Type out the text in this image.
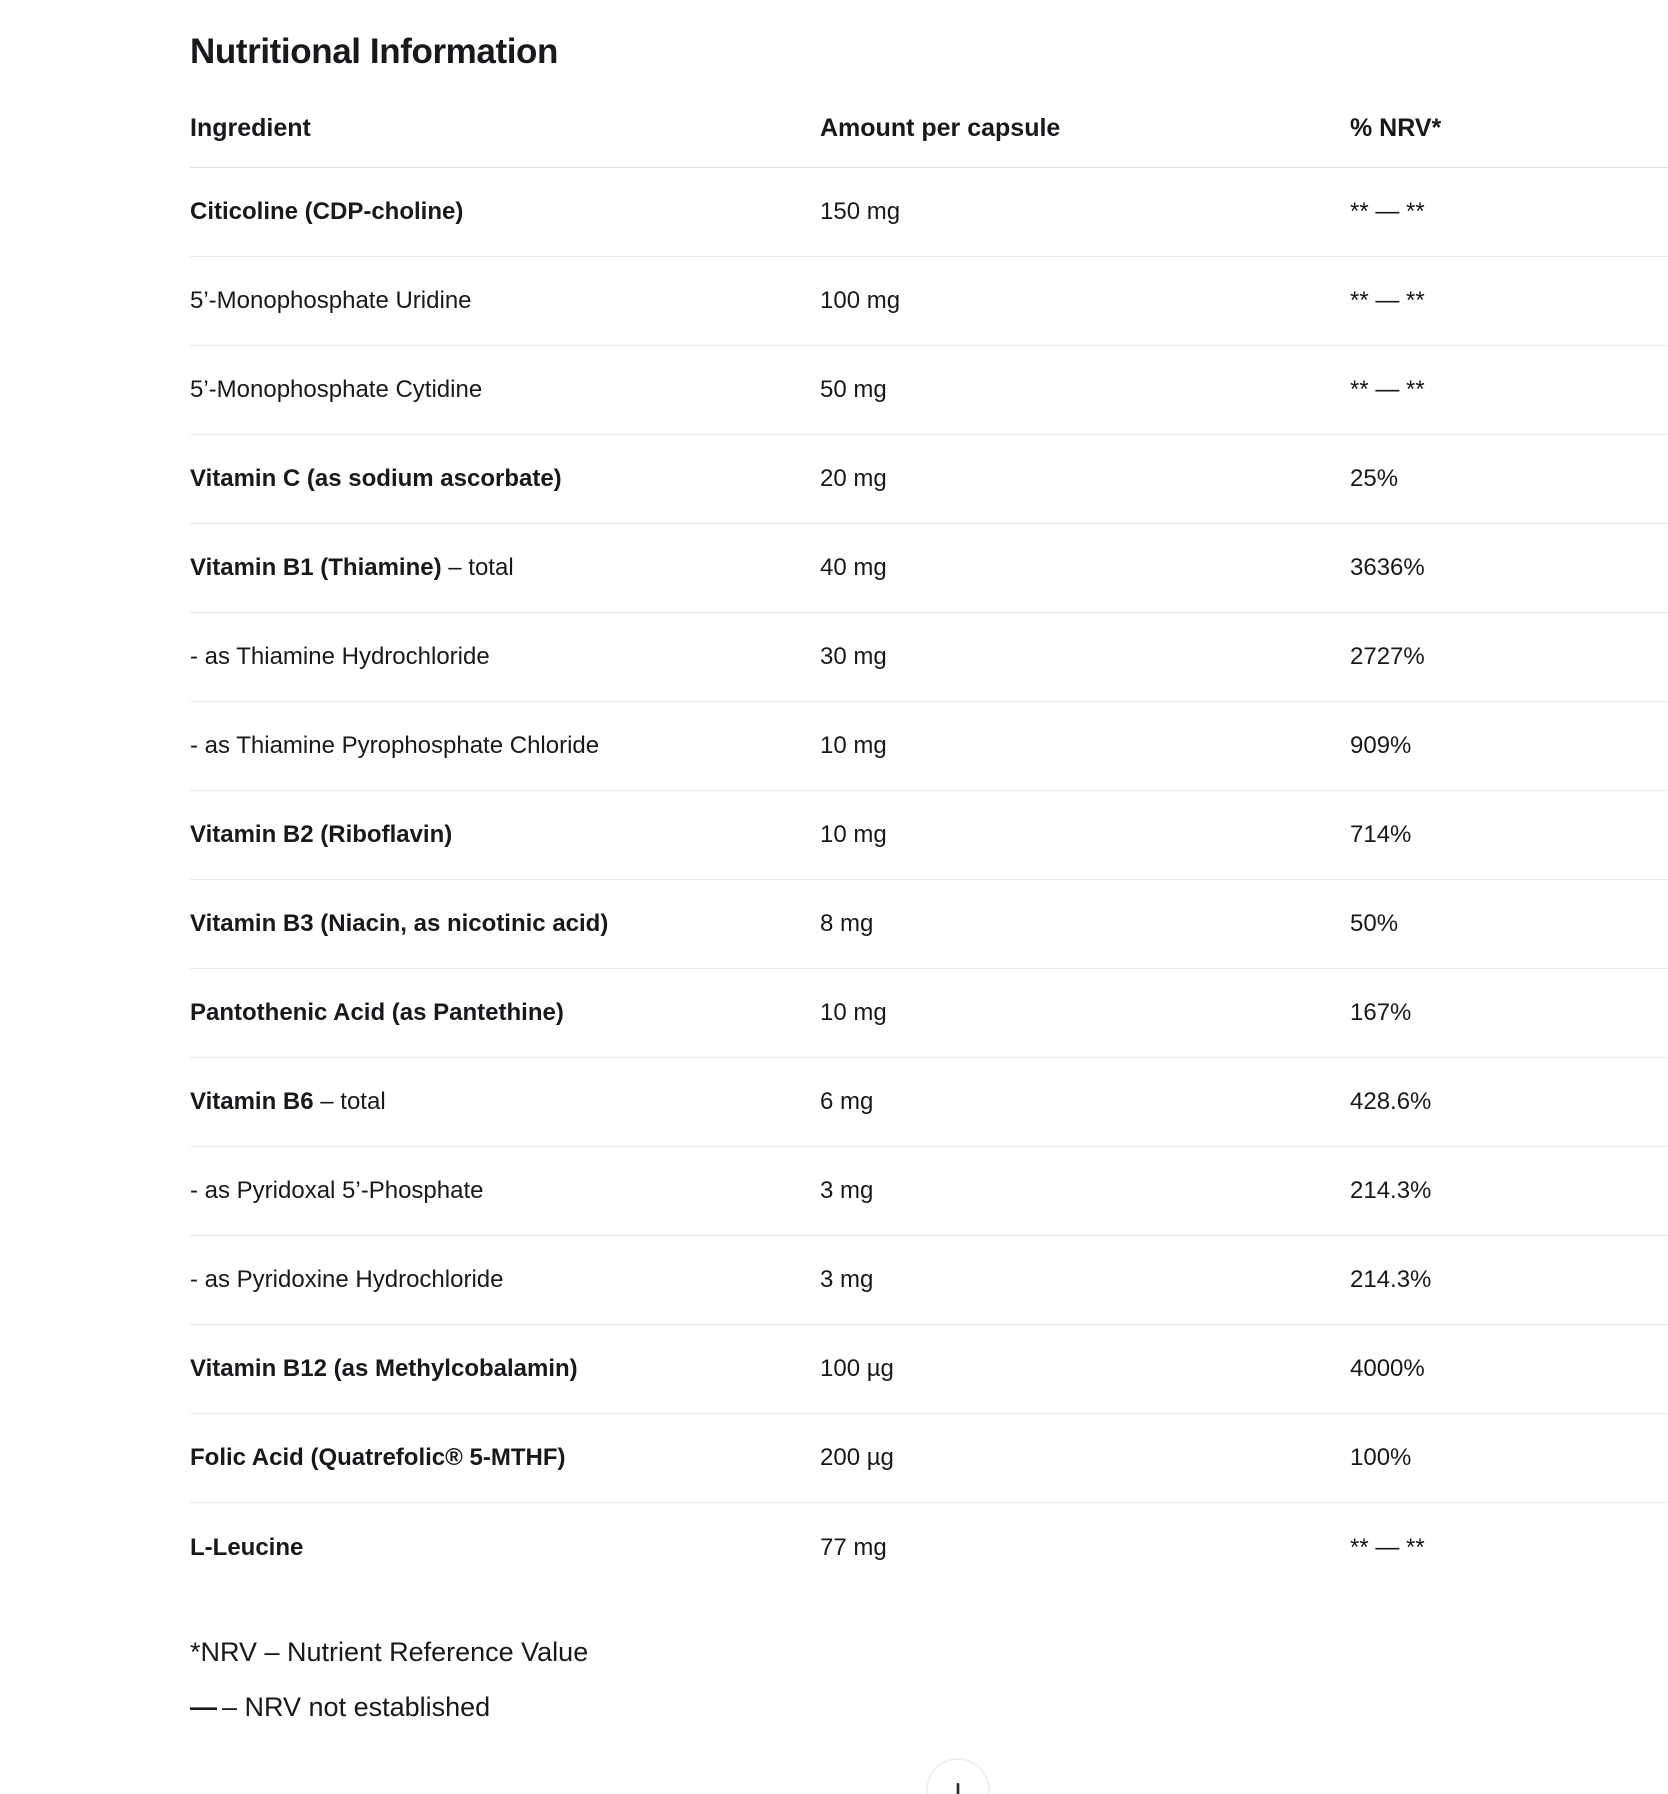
Nutritional Information
Ingredient	Amount per capsule	% NRV*
Citicoline (CDP-choline)	150 mg	** — **
5’-Monophosphate Uridine	100 mg	** — **
5’-Monophosphate Cytidine	50 mg	** — **
Vitamin C (as sodium ascorbate)	20 mg	25%
Vitamin B1 (Thiamine) – total	40 mg	3636%
- as Thiamine Hydrochloride	30 mg	2727%
- as Thiamine Pyrophosphate Chloride	10 mg	909%
Vitamin B2 (Riboflavin)	10 mg	714%
Vitamin B3 (Niacin, as nicotinic acid)	8 mg	50%
Pantothenic Acid (as Pantethine)	10 mg	167%
Vitamin B6 – total	6 mg	428.6%
- as Pyridoxal 5’-Phosphate	3 mg	214.3%
- as Pyridoxine Hydrochloride	3 mg	214.3%
Vitamin B12 (as Methylcobalamin)	100 µg	4000%
Folic Acid (Quatrefolic® 5-MTHF)	200 µg	100%
L-Leucine	77 mg	** — **
*NRV – Nutrient Reference Value
— – NRV not established
